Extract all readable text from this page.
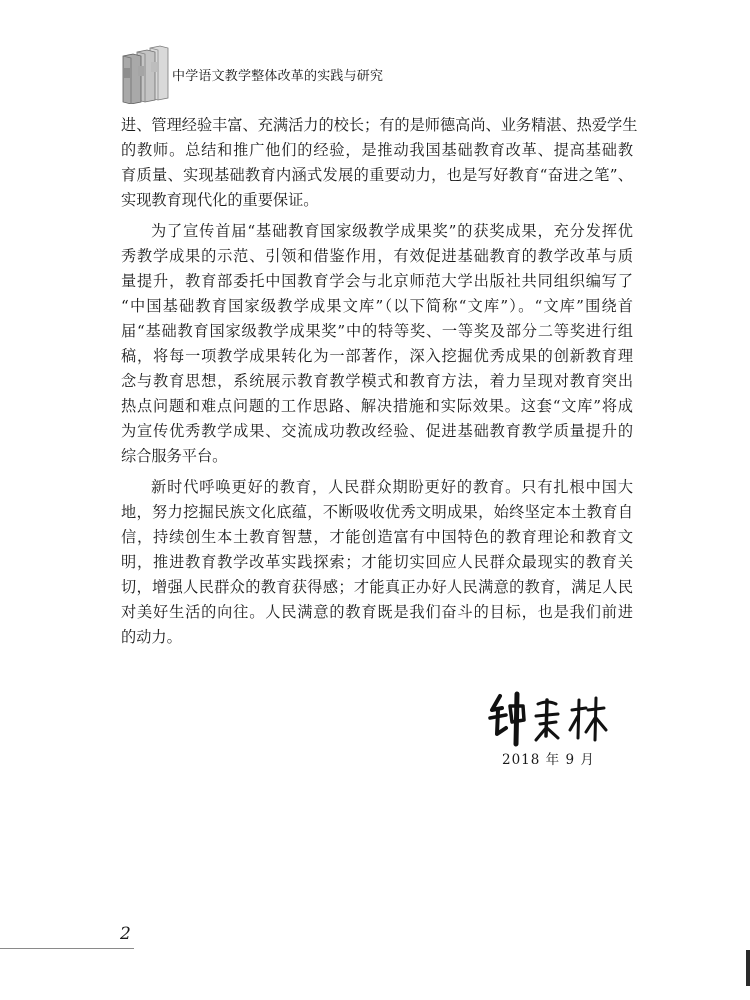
中学语文教学整体改革的实践与研究
进、管理经验丰富、充满活力的校长；有的是师德高尚、业务精湛、热爱学生
的教师。总结和推广他们的经验，是推动我国基础教育改革、提高基础教
育质量、实现基础教育内涵式发展的重要动力，也是写好教育“奋进之笔”、
实现教育现代化的重要保证。
为了宣传首届“基础教育国家级教学成果奖”的获奖成果，充分发挥优
秀教学成果的示范、引领和借鉴作用，有效促进基础教育的教学改革与质
量提升，教育部委托中国教育学会与北京师范大学出版社共同组织编写了
“中国基础教育国家级教学成果文库”（以下简称“文库”）。“文库”围绕首
届“基础教育国家级教学成果奖”中的特等奖、一等奖及部分二等奖进行组
稿，将每一项教学成果转化为一部著作，深入挖掘优秀成果的创新教育理
念与教育思想，系统展示教育教学模式和教育方法，着力呈现对教育突出
热点问题和难点问题的工作思路、解决措施和实际效果。这套“文库”将成
为宣传优秀教学成果、交流成功教改经验、促进基础教育教学质量提升的
综合服务平台。
新时代呼唤更好的教育，人民群众期盼更好的教育。只有扎根中国大
地，努力挖掘民族文化底蕴，不断吸收优秀文明成果，始终坚定本土教育自
信，持续创生本土教育智慧，才能创造富有中国特色的教育理论和教育文
明，推进教育教学改革实践探索；才能切实回应人民群众最现实的教育关
切，增强人民群众的教育获得感；才能真正办好人民满意的教育，满足人民
对美好生活的向往。人民满意的教育既是我们奋斗的目标，也是我们前进
的动力。
2018 年 9 月
2
